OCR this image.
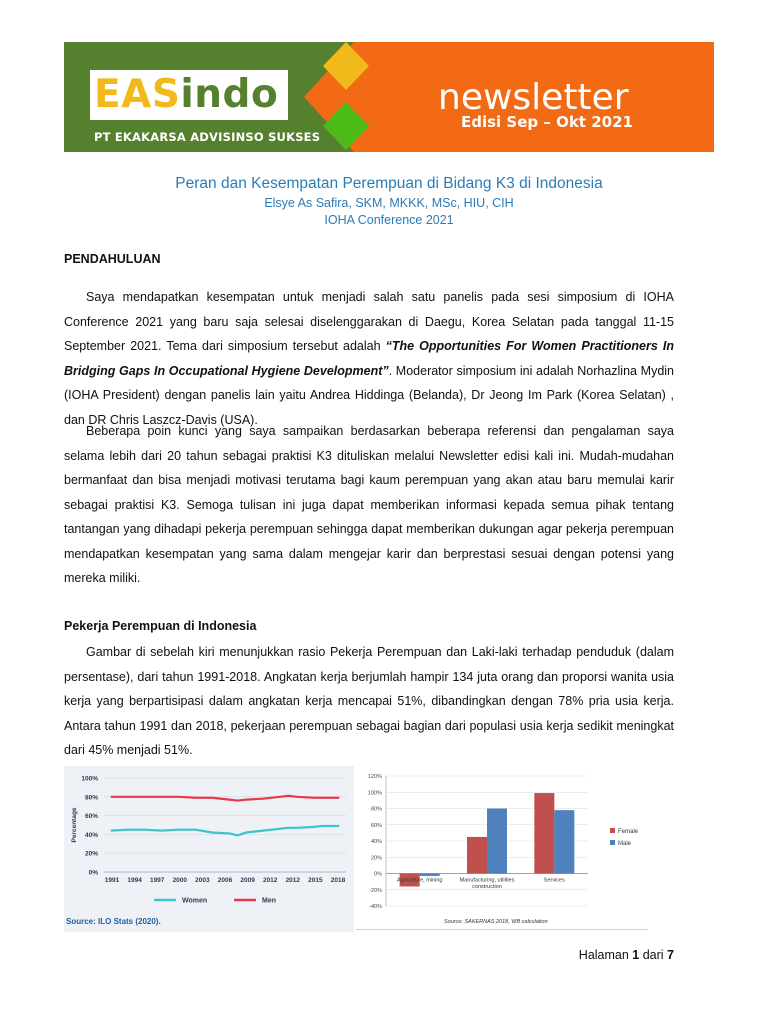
EASindo
PT EKAKARSA ADVISINSO SUKSES
newsletter
Edisi Sep – Okt 2021
Peran dan Kesempatan Perempuan di Bidang K3 di Indonesia
Elsye As Safira, SKM, MKKK, MSc, HIU, CIH
IOHA Conference 2021
PENDAHULUAN
Saya mendapatkan kesempatan untuk menjadi salah satu panelis pada sesi simposium di IOHA Conference 2021 yang baru saja selesai diselenggarakan di Daegu, Korea Selatan pada tanggal 11-15 September 2021. Tema dari simposium tersebut adalah “The Opportunities For Women Practitioners In Bridging Gaps In Occupational Hygiene Development”. Moderator simposium ini adalah Norhazlina Mydin (IOHA President) dengan panelis lain yaitu Andrea Hiddinga (Belanda), Dr Jeong Im Park (Korea Selatan) , dan DR Chris Laszcz-Davis (USA).
Beberapa poin kunci yang saya sampaikan berdasarkan beberapa referensi dan pengalaman saya selama lebih dari 20 tahun sebagai praktisi K3 dituliskan melalui Newsletter edisi kali ini. Mudah-mudahan bermanfaat dan bisa menjadi motivasi terutama bagi kaum perempuan yang akan atau baru memulai karir sebagai praktisi K3. Semoga tulisan ini juga dapat memberikan informasi kepada semua pihak tentang tantangan yang dihadapi pekerja perempuan sehingga dapat memberikan dukungan agar pekerja perempuan mendapatkan kesempatan yang sama dalam mengejar karir dan berprestasi sesuai dengan potensi yang mereka miliki.
Pekerja Perempuan di Indonesia
Gambar di sebelah kiri menunjukkan rasio Pekerja Perempuan dan Laki-laki terhadap penduduk (dalam persentase), dari tahun 1991-2018. Angkatan kerja berjumlah hampir 134 juta orang dan proporsi wanita usia kerja yang berpartisipasi dalam angkatan kerja mencapai 51%, dibandingkan dengan 78% pria usia kerja. Antara tahun 1991 dan 2018, pekerjaan perempuan sebagai bagian dari populasi usia kerja sedikit meningkat dari 45% menjadi 51%.
0%
20%
40%
60%
80%
100%
1991 1994 1997 2000 2003 2006 2009 2012 2012 2015 2018
Percentage
Women	Men
Source: ILO Stats (2020).
120%
100%
80%
60%
40%
20%
0%
-20%
-40%
Agriculture, mining	Manufacturing, utilities
construction
Services
Female
Male
Source: SAKERNAS 2018, WB calculation
Halaman 1 dari 7
